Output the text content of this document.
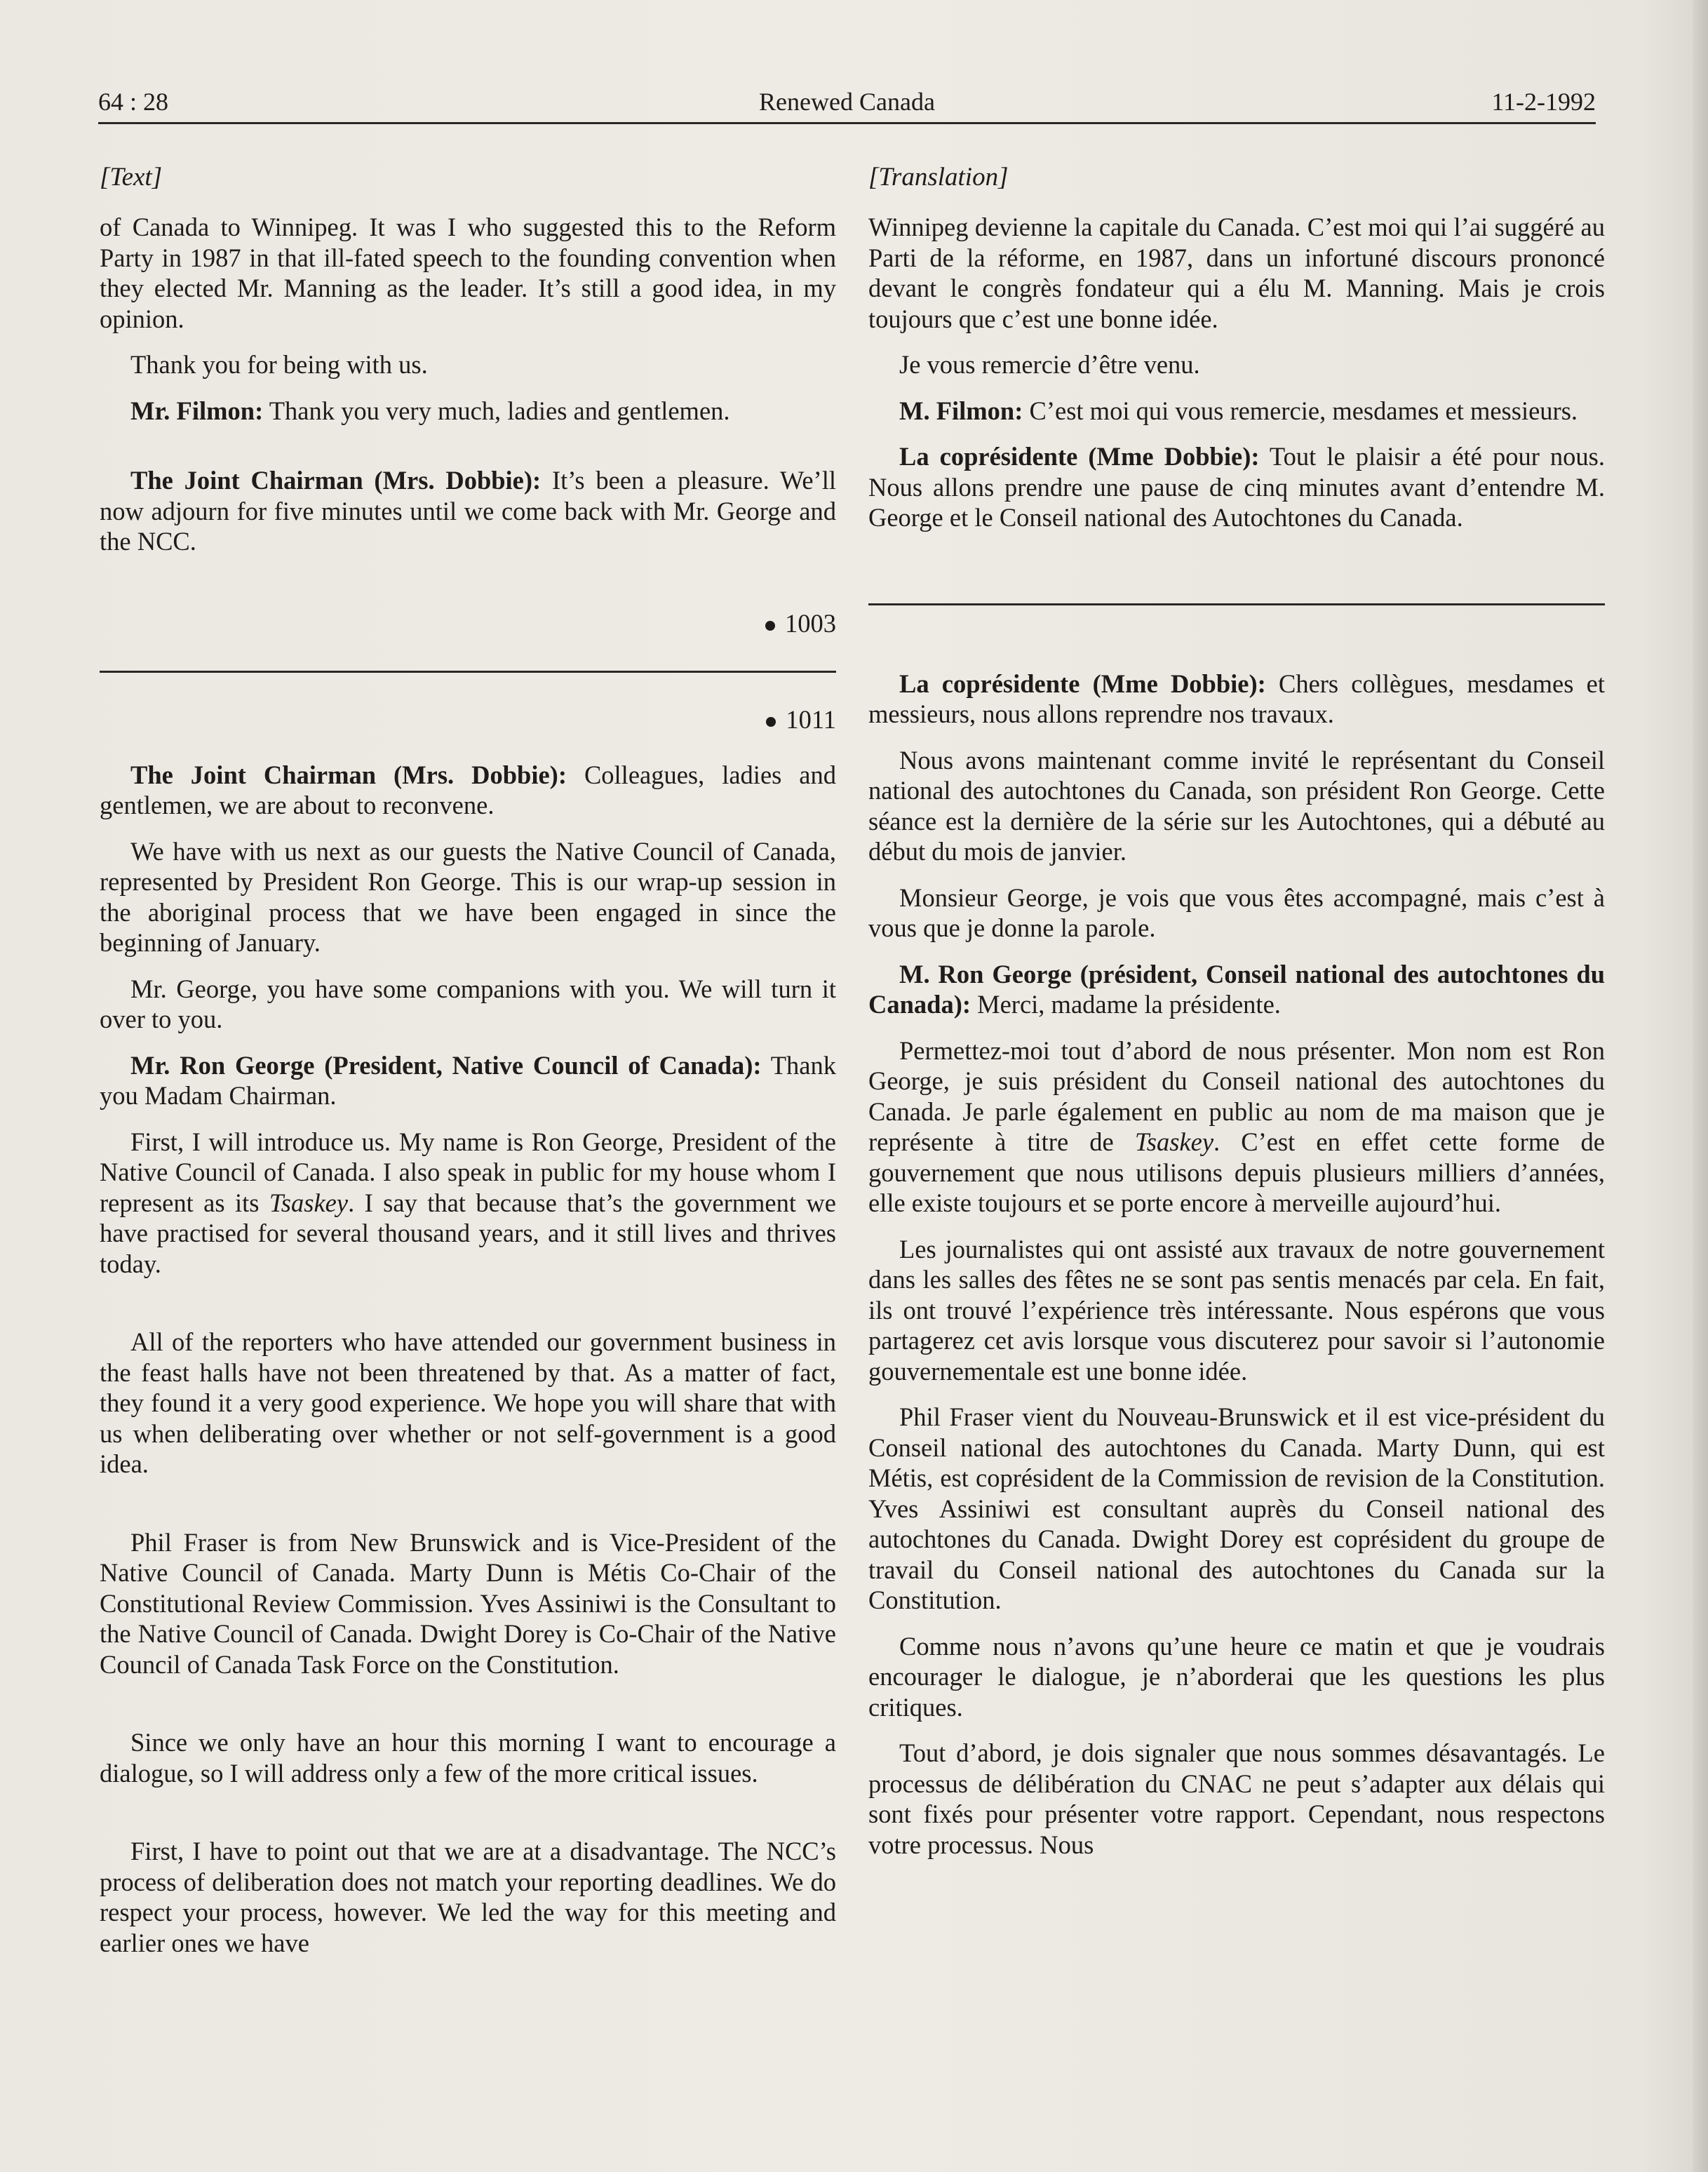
64 : 28	Renewed Canada	11-2-1992
[Text]

of Canada to Winnipeg. It was I who suggested this to the Reform Party in 1987 in that ill-fated speech to the founding convention when they elected Mr. Manning as the leader. It’s still a good idea, in my opinion.

Thank you for being with us.

Mr. Filmon: Thank you very much, ladies and gentlemen.

The Joint Chairman (Mrs. Dobbie): It’s been a pleasure. We’ll now adjourn for five minutes until we come back with Mr. George and the NCC.

1003
1011

The Joint Chairman (Mrs. Dobbie): Colleagues, ladies and gentlemen, we are about to reconvene.

We have with us next as our guests the Native Council of Canada, represented by President Ron George. This is our wrap-up session in the aboriginal process that we have been engaged in since the beginning of January.

Mr. George, you have some companions with you. We will turn it over to you.

Mr. Ron George (President, Native Council of Canada): Thank you Madam Chairman.

First, I will introduce us. My name is Ron George, President of the Native Council of Canada. I also speak in public for my house whom I represent as its Tsaskey. I say that because that’s the government we have practised for several thousand years, and it still lives and thrives today.

All of the reporters who have attended our government business in the feast halls have not been threatened by that. As a matter of fact, they found it a very good experience. We hope you will share that with us when deliberating over whether or not self-government is a good idea.

Phil Fraser is from New Brunswick and is Vice-President of the Native Council of Canada. Marty Dunn is Métis Co-Chair of the Constitutional Review Commission. Yves Assiniwi is the Consultant to the Native Council of Canada. Dwight Dorey is Co-Chair of the Native Council of Canada Task Force on the Constitution.

Since we only have an hour this morning I want to encourage a dialogue, so I will address only a few of the more critical issues.

First, I have to point out that we are at a disadvantage. The NCC’s process of deliberation does not match your reporting deadlines. We do respect your process, however. We led the way for this meeting and earlier ones we have

[Translation]

Winnipeg devienne la capitale du Canada. C’est moi qui l’ai suggéré au Parti de la réforme, en 1987, dans un infortuné discours prononcé devant le congrès fondateur qui a élu M. Manning. Mais je crois toujours que c’est une bonne idée.

Je vous remercie d’être venu.

M. Filmon: C’est moi qui vous remercie, mesdames et messieurs.

La coprésidente (Mme Dobbie): Tout le plaisir a été pour nous. Nous allons prendre une pause de cinq minutes avant d’entendre M. George et le Conseil national des Autochtones du Canada.

La coprésidente (Mme Dobbie): Chers collègues, mesdames et messieurs, nous allons reprendre nos travaux.

Nous avons maintenant comme invité le représentant du Conseil national des autochtones du Canada, son président Ron George. Cette séance est la dernière de la série sur les Autochtones, qui a débuté au début du mois de janvier.

Monsieur George, je vois que vous êtes accompagné, mais c’est à vous que je donne la parole.

M. Ron George (président, Conseil national des autochtones du Canada): Merci, madame la présidente.

Permettez-moi tout d’abord de nous présenter. Mon nom est Ron George, je suis président du Conseil national des autochtones du Canada. Je parle également en public au nom de ma maison que je représente à titre de Tsaskey. C’est en effet cette forme de gouvernement que nous utilisons depuis plusieurs milliers d’années, elle existe toujours et se porte encore à merveille aujourd’hui.

Les journalistes qui ont assisté aux travaux de notre gouvernement dans les salles des fêtes ne se sont pas sentis menacés par cela. En fait, ils ont trouvé l’expérience très intéressante. Nous espérons que vous partagerez cet avis lorsque vous discuterez pour savoir si l’autonomie gouvernementale est une bonne idée.

Phil Fraser vient du Nouveau-Brunswick et il est vice-président du Conseil national des autochtones du Canada. Marty Dunn, qui est Métis, est coprésident de la Commission de revision de la Constitution. Yves Assiniwi est consultant auprès du Conseil national des autochtones du Canada. Dwight Dorey est coprésident du groupe de travail du Conseil national des autochtones du Canada sur la Constitution.

Comme nous n’avons qu’une heure ce matin et que je voudrais encourager le dialogue, je n’aborderai que les questions les plus critiques.

Tout d’abord, je dois signaler que nous sommes désavantagés. Le processus de délibération du CNAC ne peut s’adapter aux délais qui sont fixés pour présenter votre rapport. Cependant, nous respectons votre processus. Nous
